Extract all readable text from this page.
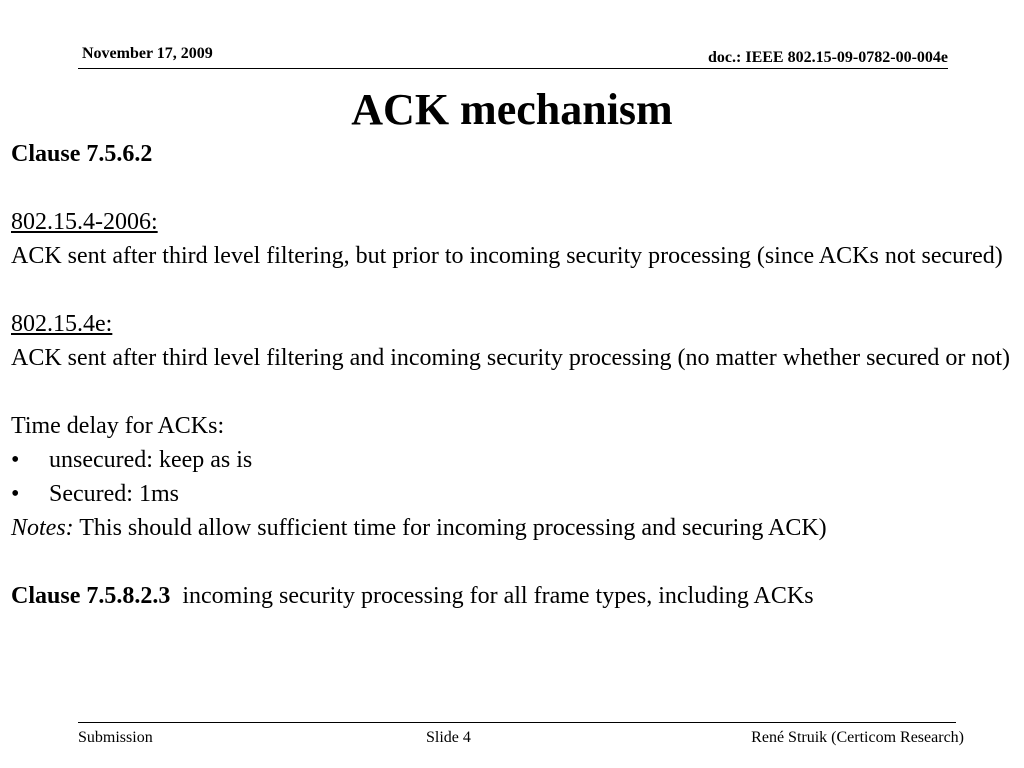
November 17, 2009	doc.: IEEE 802.15-09-0782-00-004e
ACK mechanism

Clause 7.5.6.2

802.15.4-2006:

ACK sent after third level filtering, but prior to incoming security processing (since ACKs not secured)

802.15.4e:

ACK sent after third level filtering and incoming security processing (no matter whether secured or not)

Time delay for ACKs:

•	unsecured: keep as is
•	Secured: 1ms

Notes: This should allow sufficient time for incoming processing and securing ACK)

Clause 7.5.8.2.3 incoming security processing for all frame types, including ACKs

Submission	Slide 4	René Struik (Certicom Research)
